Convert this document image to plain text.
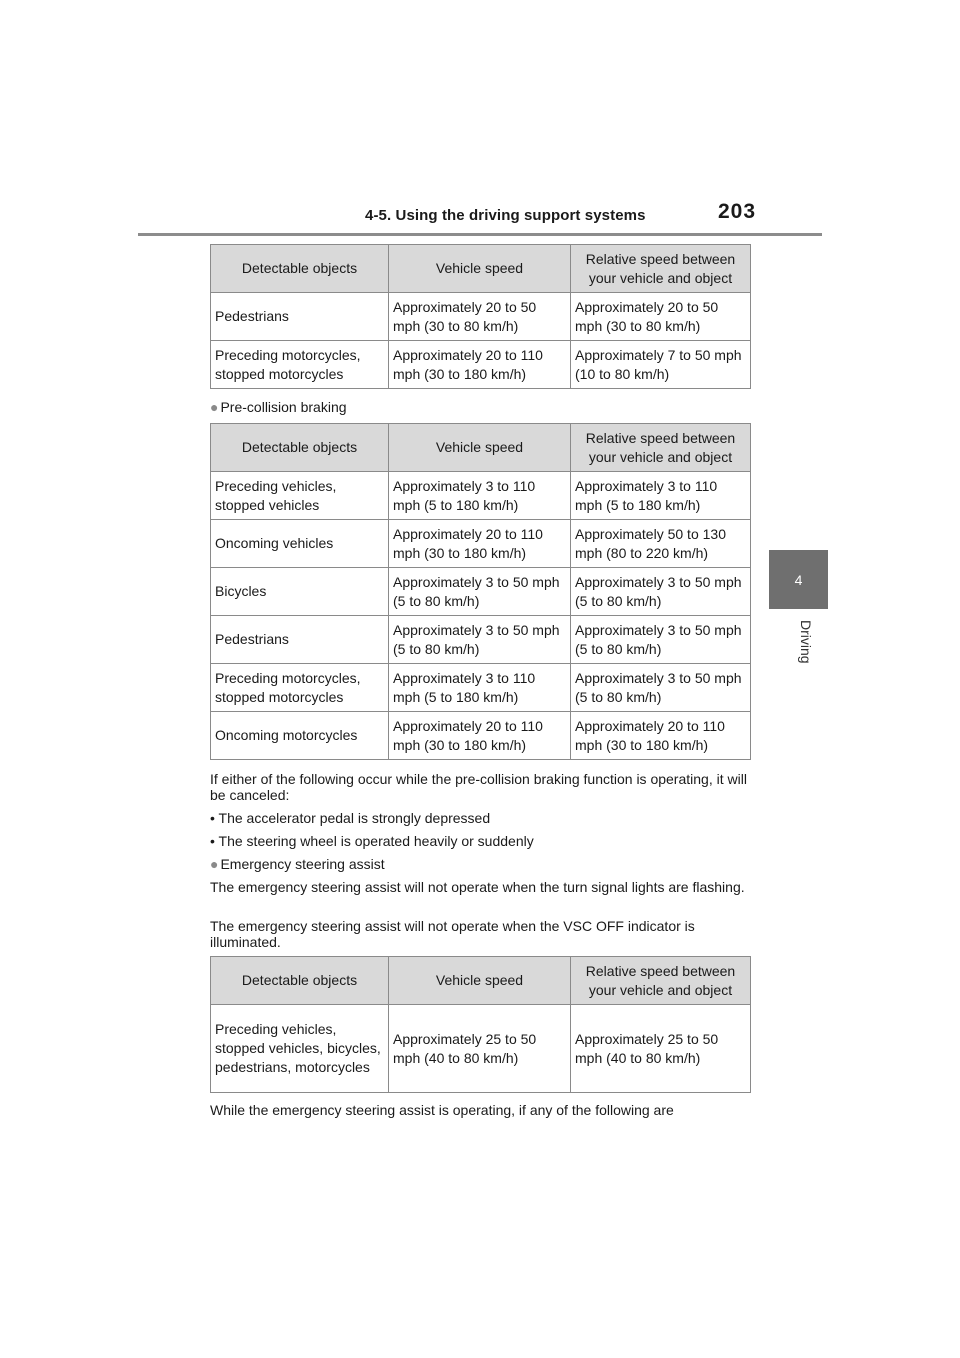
4-5. Using the driving support systems	203
4
Driving
Detectable objects	Vehicle speed	Relative speed between your vehicle and object
Pedestrians	Approximately 20 to 50 mph (30 to 80 km/h)	Approximately 20 to 50 mph (30 to 80 km/h)
Preceding motorcycles, stopped motorcycles	Approximately 20 to 110 mph (30 to 180 km/h)	Approximately 7 to 50 mph (10 to 80 km/h)
● Pre-collision braking
Detectable objects	Vehicle speed	Relative speed between your vehicle and object
Preceding vehicles, stopped vehicles	Approximately 3 to 110 mph (5 to 180 km/h)	Approximately 3 to 110 mph (5 to 180 km/h)
Oncoming vehicles	Approximately 20 to 110 mph (30 to 180 km/h)	Approximately 50 to 130 mph (80 to 220 km/h)
Bicycles	Approximately 3 to 50 mph (5 to 80 km/h)	Approximately 3 to 50 mph (5 to 80 km/h)
Pedestrians	Approximately 3 to 50 mph (5 to 80 km/h)	Approximately 3 to 50 mph (5 to 80 km/h)
Preceding motorcycles, stopped motorcycles	Approximately 3 to 110 mph (5 to 180 km/h)	Approximately 3 to 50 mph (5 to 80 km/h)
Oncoming motorcycles	Approximately 20 to 110 mph (30 to 180 km/h)	Approximately 20 to 110 mph (30 to 180 km/h)
If either of the following occur while the pre-collision braking function is operating, it will be canceled:
• The accelerator pedal is strongly depressed
• The steering wheel is operated heavily or suddenly
● Emergency steering assist
The emergency steering assist will not operate when the turn signal lights are flashing.
The emergency steering assist will not operate when the VSC OFF indicator is illuminated.
Detectable objects	Vehicle speed	Relative speed between your vehicle and object
Preceding vehicles, stopped vehicles, bicycles, pedestrians, motorcycles	Approximately 25 to 50 mph (40 to 80 km/h)	Approximately 25 to 50 mph (40 to 80 km/h)
While the emergency steering assist is operating, if any of the following are
